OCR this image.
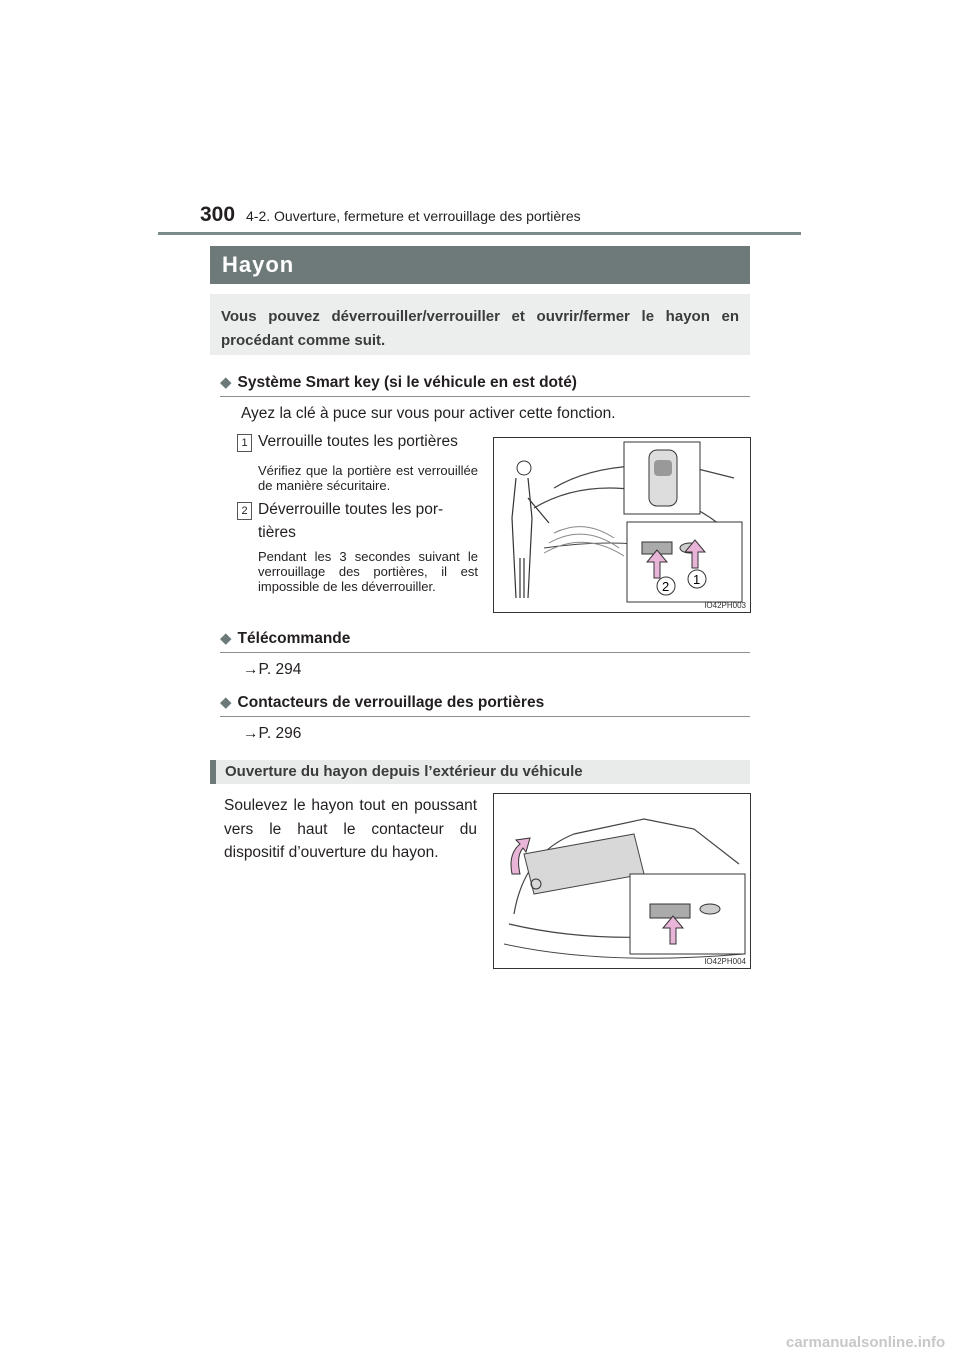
300 4-2. Ouverture, fermeture et verrouillage des portières
Hayon
Vous pouvez déverrouiller/verrouiller et ouvrir/fermer le hayon en procédant comme suit.
◆ Système Smart key (si le véhicule en est doté)
Ayez la clé à puce sur vous pour activer cette fonction.
1 Verrouille toutes les portières
Vérifiez que la portière est verrouillée de manière sécuritaire.
2 Déverrouille toutes les por-
tières
Pendant les 3 secondes suivant le verrouillage des portières, il est impossible de les déverrouiller.	2 1
IO42PH003
◆ Télécommande
→P. 294
◆ Contacteurs de verrouillage des portières
→P. 296
Ouverture du hayon depuis l’extérieur du véhicule
Soulevez le hayon tout en poussant vers le haut le contacteur du dispositif d’ouverture du hayon.
IO42PH004
carmanualsonline.info
